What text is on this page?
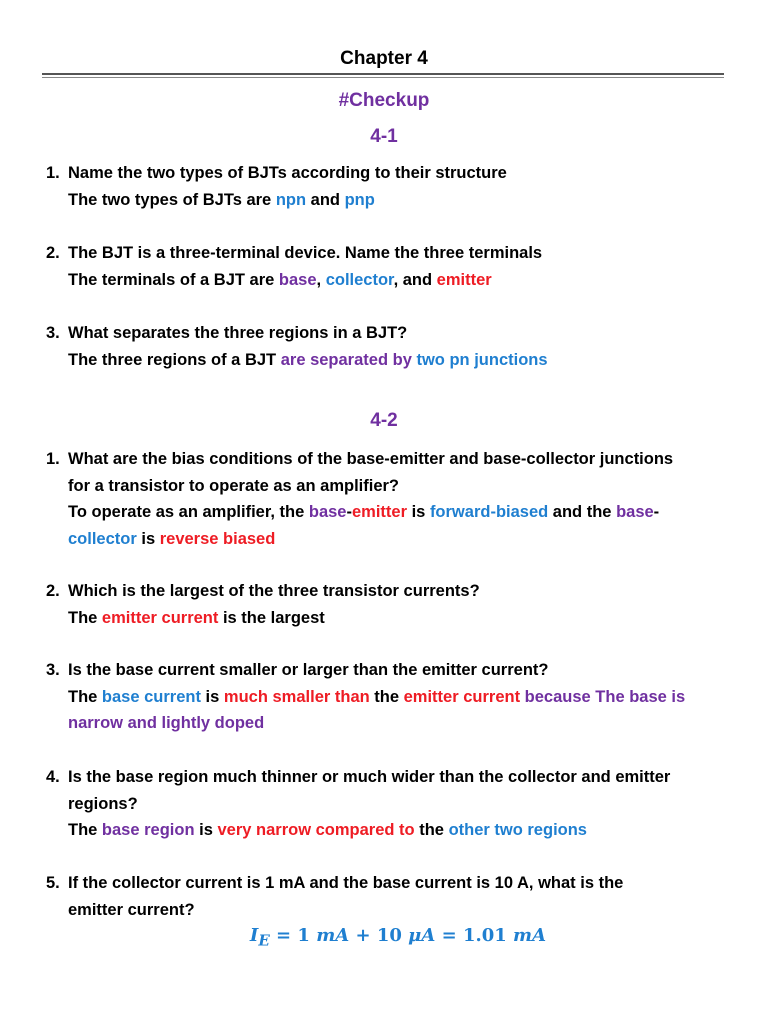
Chapter 4
#Checkup
4-1
1. Name the two types of BJTs according to their structure
The two types of BJTs are npn and pnp
2. The BJT is a three-terminal device. Name the three terminals
The terminals of a BJT are base, collector, and emitter
3. What separates the three regions in a BJT?
The three regions of a BJT are separated by two pn junctions
4-2
1. What are the bias conditions of the base-emitter and base-collector junctions
for a transistor to operate as an amplifier?
To operate as an amplifier, the base-emitter is forward-biased and the base-
collector is reverse biased
2. Which is the largest of the three transistor currents?
The emitter current is the largest
3. Is the base current smaller or larger than the emitter current?
The base current is much smaller than the emitter current because The base is
narrow and lightly doped
4. Is the base region much thinner or much wider than the collector and emitter
regions?
The base region is very narrow compared to the other two regions
5. If the collector current is 1 mA and the base current is 10 A, what is the
emitter current?
$I_E = 1$ mA + 10 μA = 1.01 mA
